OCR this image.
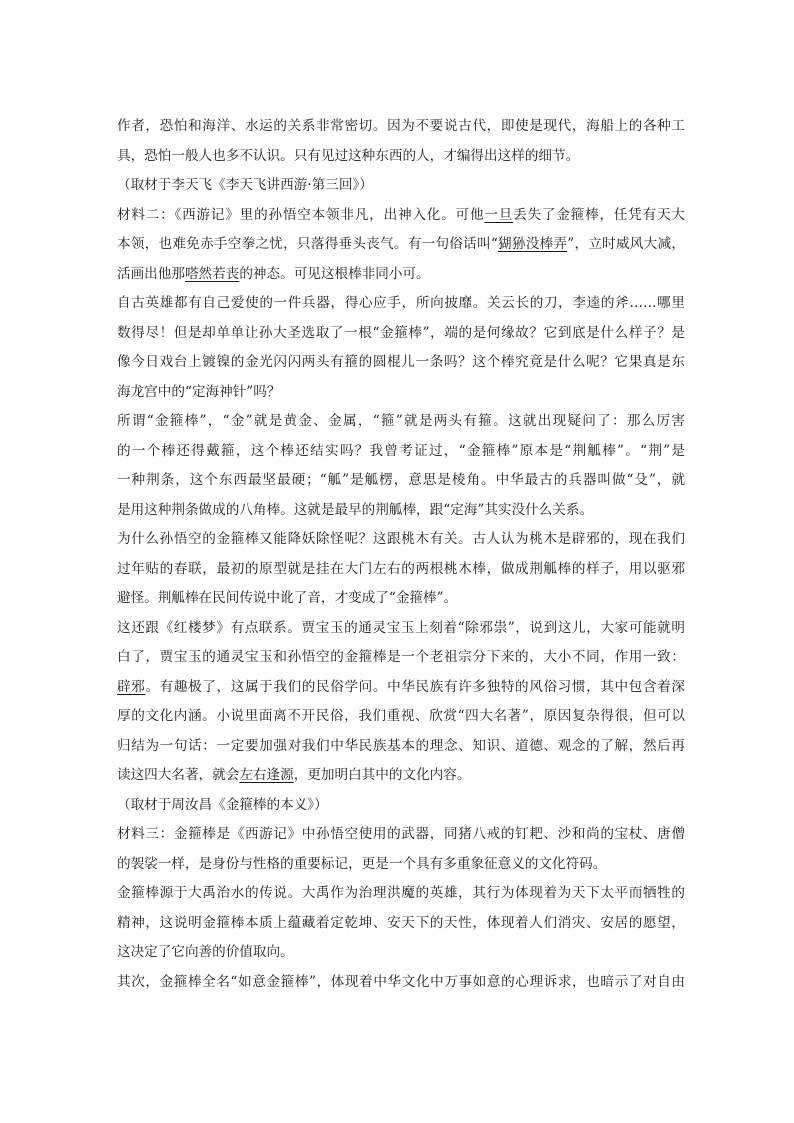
作者，恐怕和海洋、水运的关系非常密切。因为不要说古代，即使是现代，海船上的各种工
具，恐怕一般人也多不认识。只有见过这种东西的人，才编得出这样的细节。
（取材于李天飞《李天飞讲西游·第三回》）
材料二：《西游记》里的孙悟空本领非凡，出神入化。可他一旦丢失了金箍棒，任凭有天大
本领，也难免赤手空拳之忧，只落得垂头丧气。有一句俗话叫“猢狲没棒弄”，立时威风大减，
活画出他那嗒然若丧的神态。可见这根棒非同小可。
自古英雄都有自己爱使的一件兵器，得心应手，所向披靡。关云长的刀，李逵的斧……哪里
数得尽！但是却单单让孙大圣选取了一根“金箍棒”，端的是何缘故？它到底是什么样子？是
像今日戏台上镀镍的金光闪闪两头有箍的圆棍儿一条吗？这个棒究竟是什么呢？它果真是东
海龙宫中的“定海神针”吗？
所谓“金箍棒”，“金”就是黄金、金属，“箍”就是两头有箍。这就出现疑问了：那么厉害
的一个棒还得戴箍，这个棒还结实吗？我曾考证过，“金箍棒”原本是“荆觚棒”。“荆”是
一种荆条，这个东西最坚最硬；“觚”是觚楞，意思是棱角。中华最古的兵器叫做“殳”，就
是用这种荆条做成的八角棒。这就是最早的荆觚棒，跟“定海”其实没什么关系。
为什么孙悟空的金箍棒又能降妖除怪呢？这跟桃木有关。古人认为桃木是辟邪的，现在我们
过年贴的春联，最初的原型就是挂在大门左右的两根桃木棒，做成荆觚棒的样子，用以驱邪
避怪。荆觚棒在民间传说中讹了音，才变成了“金箍棒”。
这还跟《红楼梦》有点联系。贾宝玉的通灵宝玉上刻着“除邪祟”，说到这儿，大家可能就明
白了，贾宝玉的通灵宝玉和孙悟空的金箍棒是一个老祖宗分下来的，大小不同，作用一致：
辟邪。有趣极了，这属于我们的民俗学问。中华民族有许多独特的风俗习惯，其中包含着深
厚的文化内涵。小说里面离不开民俗，我们重视、欣赏“四大名著”，原因复杂得很，但可以
归结为一句话：一定要加强对我们中华民族基本的理念、知识、道德、观念的了解，然后再
读这四大名著，就会左右逢源，更加明白其中的文化内容。
（取材于周汝昌《金箍棒的本义》）
材料三：金箍棒是《西游记》中孙悟空使用的武器，同猪八戒的钉耙、沙和尚的宝杖、唐僧
的袈裟一样，是身份与性格的重要标记，更是一个具有多重象征意义的文化符码。
金箍棒源于大禹治水的传说。大禹作为治理洪魔的英雄，其行为体现着为天下太平而牺牲的
精神，这说明金箍棒本质上蕴藏着定乾坤、安天下的天性，体现着人们消灾、安居的愿望，
这决定了它向善的价值取向。
其次，金箍棒全名“如意金箍棒”，体现着中华文化中万事如意的心理诉求，也暗示了对自由
